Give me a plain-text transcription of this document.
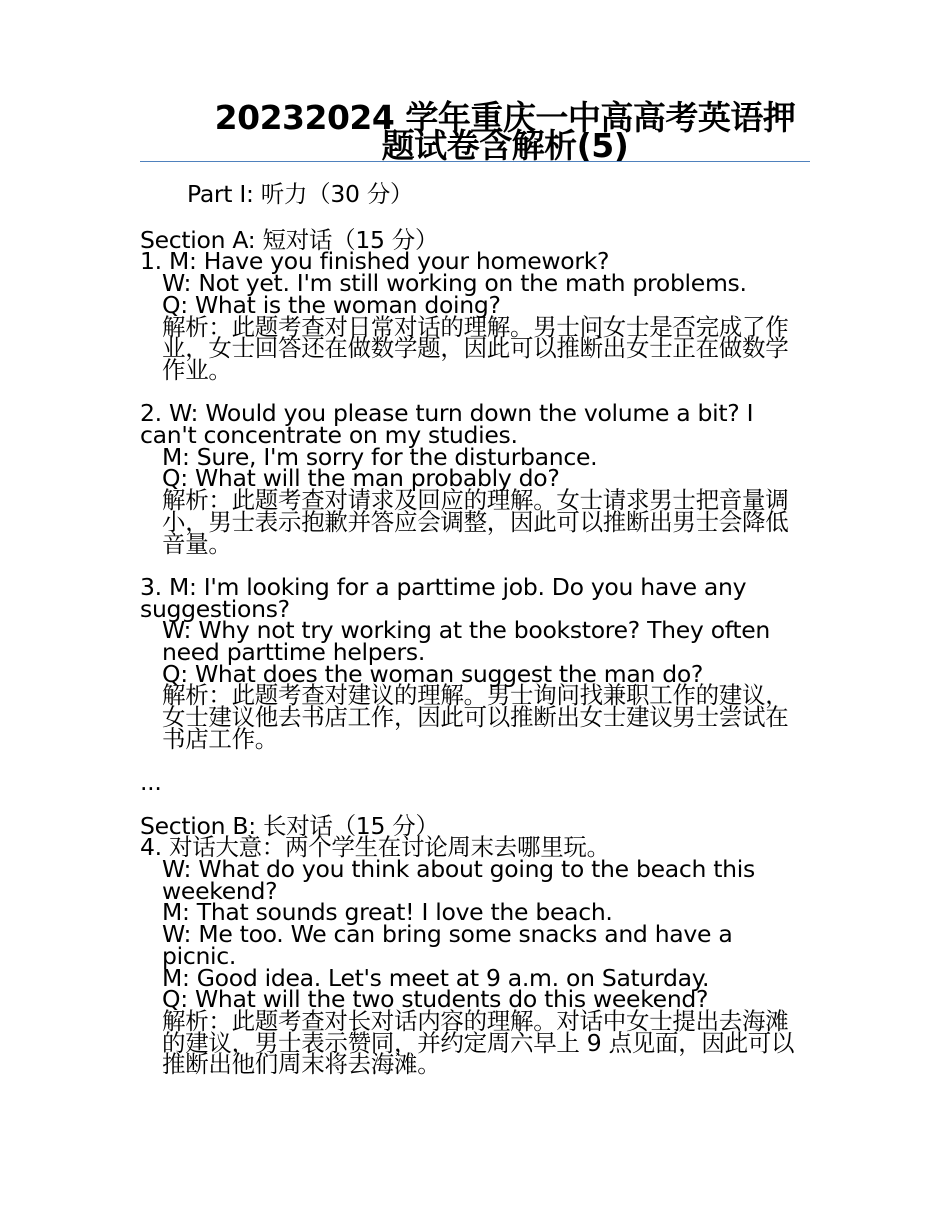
20232024 学年重庆一中高高考英语押题试卷含解析(5)
Part I: 听力（30 分）
Section A: 短对话（15 分）
1. M: Have you finished your homework?
W: Not yet. I'm still working on the math problems.
Q: What is the woman doing?
解析：此题考查对日常对话的理解。男士问女士是否完成了作业，女士回答还在做数学题，因此可以推断出女士正在做数学作业。
2. W: Would you please turn down the volume a bit? I can't concentrate on my studies.
M: Sure, I'm sorry for the disturbance.
Q: What will the man probably do?
解析：此题考查对请求及回应的理解。女士请求男士把音量调小，男士表示抱歉并答应会调整，因此可以推断出男士会降低音量。
3. M: I'm looking for a parttime job. Do you have any suggestions?
W: Why not try working at the bookstore? They often need parttime helpers.
Q: What does the woman suggest the man do?
解析：此题考查对建议的理解。男士询问找兼职工作的建议，女士建议他去书店工作，因此可以推断出女士建议男士尝试在书店工作。
...
Section B: 长对话（15 分）
4. 对话大意：两个学生在讨论周末去哪里玩。
W: What do you think about going to the beach this weekend?
M: That sounds great! I love the beach.
W: Me too. We can bring some snacks and have a picnic.
M: Good idea. Let's meet at 9 a.m. on Saturday.
Q: What will the two students do this weekend?
解析：此题考查对长对话内容的理解。对话中女士提出去海滩的建议，男士表示赞同，并约定周六早上 9 点见面，因此可以推断出他们周末将去海滩。
